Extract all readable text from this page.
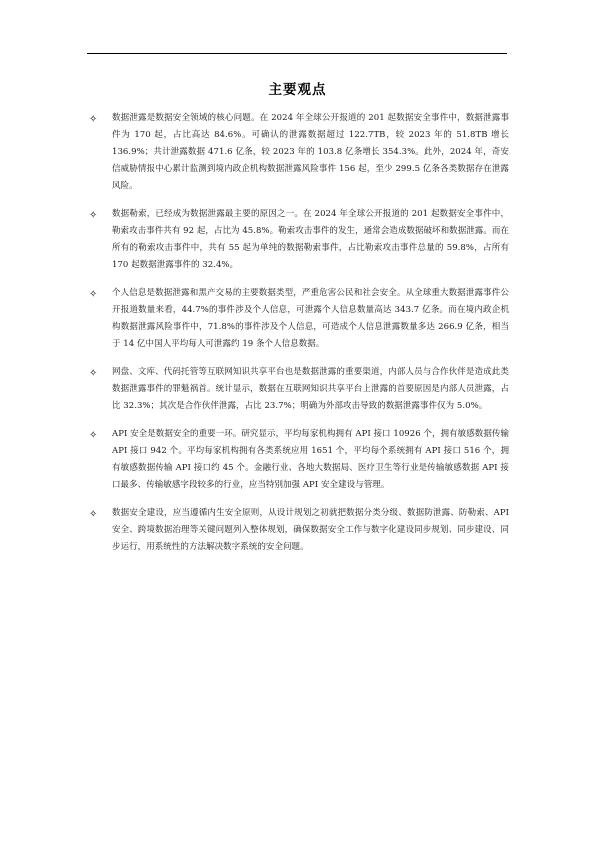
主要观点
✧ 数据泄露是数据安全领域的核心问题。在 2024 年全球公开报道的 201 起数据安全事件中，数据泄露事件为 170 起，占比高达 84.6%。可确认的泄露数据超过 122.7TB，较 2023 年的 51.8TB 增长 136.9%；共计泄露数据 471.6 亿条，较 2023 年的 103.8 亿条增长 354.3%。此外，2024 年，奇安信威胁情报中心累计监测到境内政企机构数据泄露风险事件 156 起，至少 299.5 亿条各类数据存在泄露风险。
✧ 数据勒索，已经成为数据泄露最主要的原因之一。在 2024 年全球公开报道的 201 起数据安全事件中，勒索攻击事件共有 92 起，占比为 45.8%。勒索攻击事件的发生，通常会造成数据破坏和数据泄露。而在所有的勒索攻击事件中，共有 55 起为单纯的数据勒索事件，占比勒索攻击事件总量的 59.8%，占所有 170 起数据泄露事件的 32.4%。
✧ 个人信息是数据泄露和黑产交易的主要数据类型，严重危害公民和社会安全。从全球重大数据泄露事件公开报道数量来看，44.7%的事件涉及个人信息，可泄露个人信息数量高达 343.7 亿条。而在境内政企机构数据泄露风险事件中，71.8%的事件涉及个人信息，可造成个人信息泄露数量多达 266.9 亿条，相当于 14 亿中国人平均每人可泄露约 19 条个人信息数据。
✧ 网盘、文库、代码托管等互联网知识共享平台也是数据泄露的重要渠道，内部人员与合作伙伴是造成此类数据泄露事件的罪魁祸首。统计显示，数据在互联网知识共享平台上泄露的首要原因是内部人员泄露，占比 32.3%；其次是合作伙伴泄露，占比 23.7%；明确为外部攻击导致的数据泄露事件仅为 5.0%。
✧ API 安全是数据安全的重要一环。研究显示，平均每家机构拥有 API 接口 10926 个，拥有敏感数据传输 API 接口 942 个。平均每家机构拥有各类系统应用 1651 个，平均每个系统拥有 API 接口 516 个，拥有敏感数据传输 API 接口约 45 个。金融行业、各地大数据局、医疗卫生等行业是传输敏感数据 API 接口最多、传输敏感字段较多的行业，应当特别加强 API 安全建设与管理。
✧ 数据安全建设，应当遵循内生安全原则，从设计规划之初就把数据分类分级、数据防泄露、防勒索、API 安全、跨境数据治理等关键问题列入整体规划，确保数据安全工作与数字化建设同步规划、同步建设、同步运行，用系统性的方法解决数字系统的安全问题。
